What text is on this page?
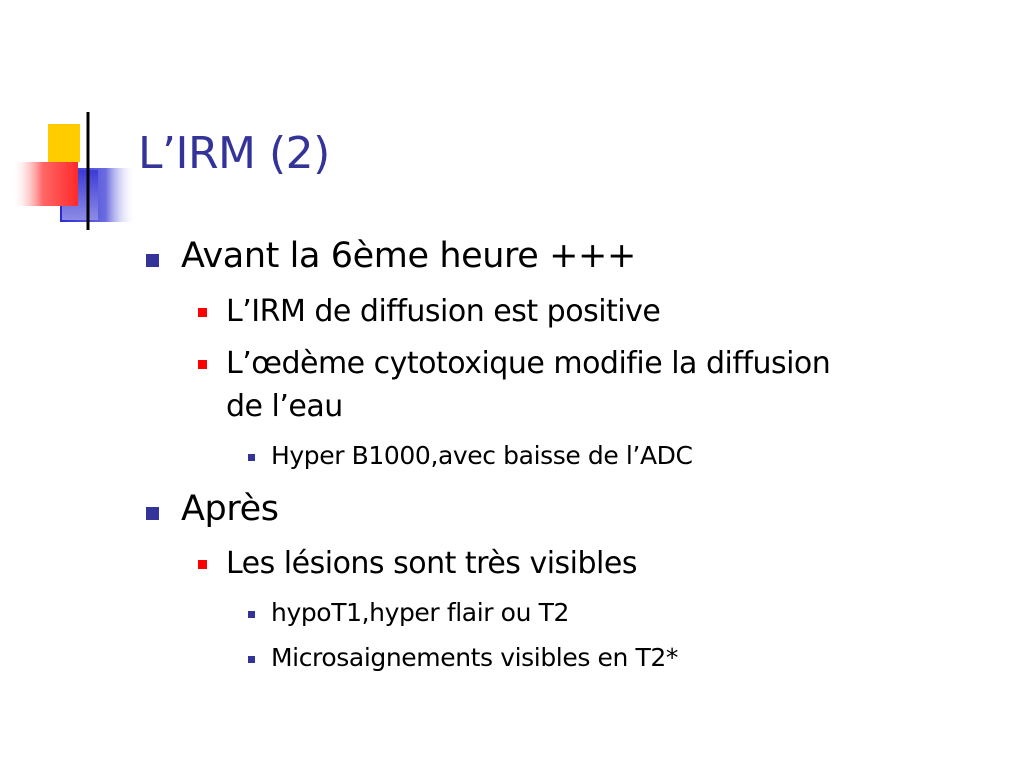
L’IRM (2)
Avant la 6ème heure +++
L’IRM de diffusion est positive
L’œdème cytotoxique modifie la diffusion
de l’eau
Hyper B1000,avec baisse de l’ADC
Après
Les lésions sont très visibles
hypoT1,hyper flair ou T2
Microsaignements visibles en T2*
